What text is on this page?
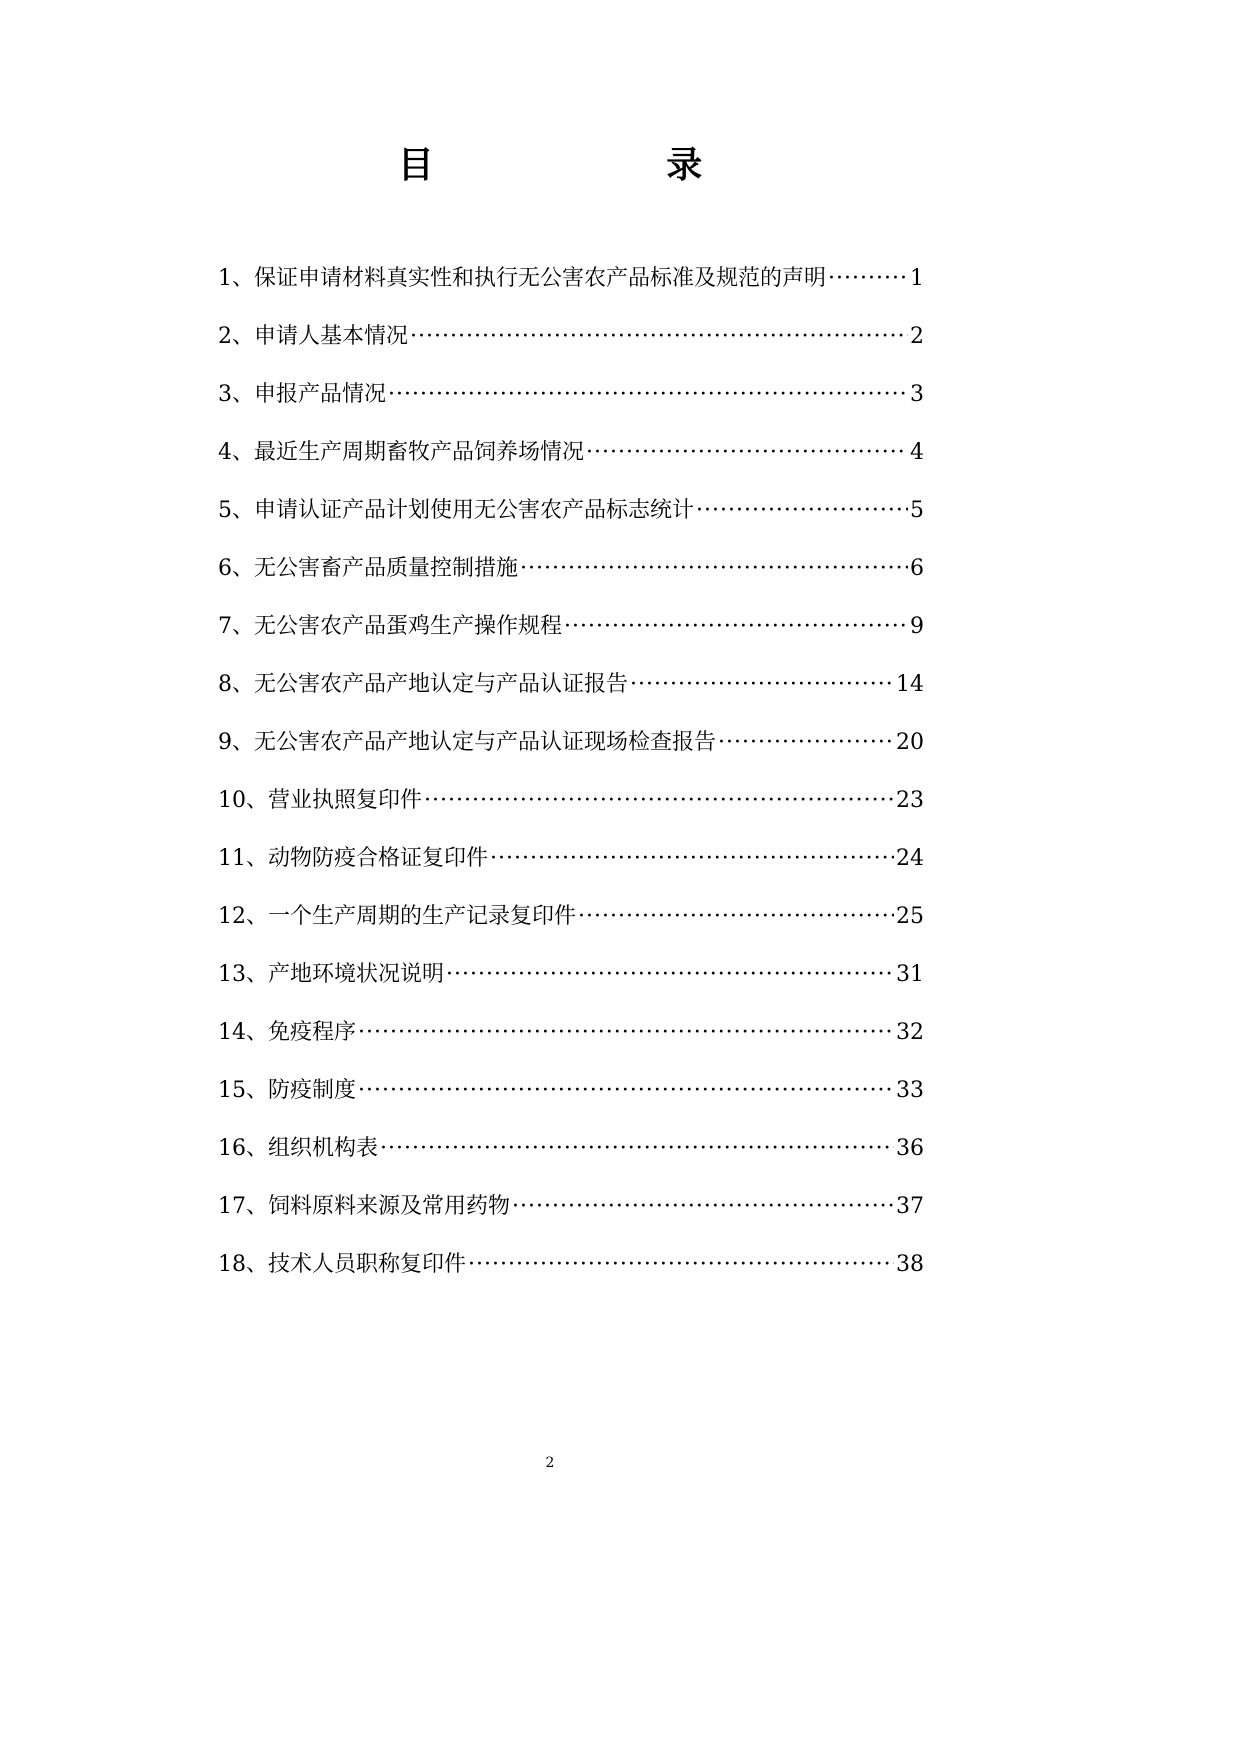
目 录
1、保证申请材料真实性和执行无公害农产品标准及规范的声明 ·····	1
2、申请人基本情况 ·····	2
3、申报产品情况 ·····	3
4、最近生产周期畜牧产品饲养场情况 ·····	4
5、申请认证产品计划使用无公害农产品标志统计 ·····	5
6、无公害畜产品质量控制措施 ·····	6
7、无公害农产品蛋鸡生产操作规程 ·····	9
8、无公害农产品产地认定与产品认证报告 ·····	14
9、无公害农产品产地认定与产品认证现场检查报告 ·····	20
10、营业执照复印件 ·····	23
11、动物防疫合格证复印件 ·····	24
12、一个生产周期的生产记录复印件 ·····	25
13、产地环境状况说明 ·····	31
14、免疫程序 ·····	32
15、防疫制度 ·····	33
16、组织机构表 ·····	36
17、饲料原料来源及常用药物 ·····	37
18、技术人员职称复印件 ·····	38
2
